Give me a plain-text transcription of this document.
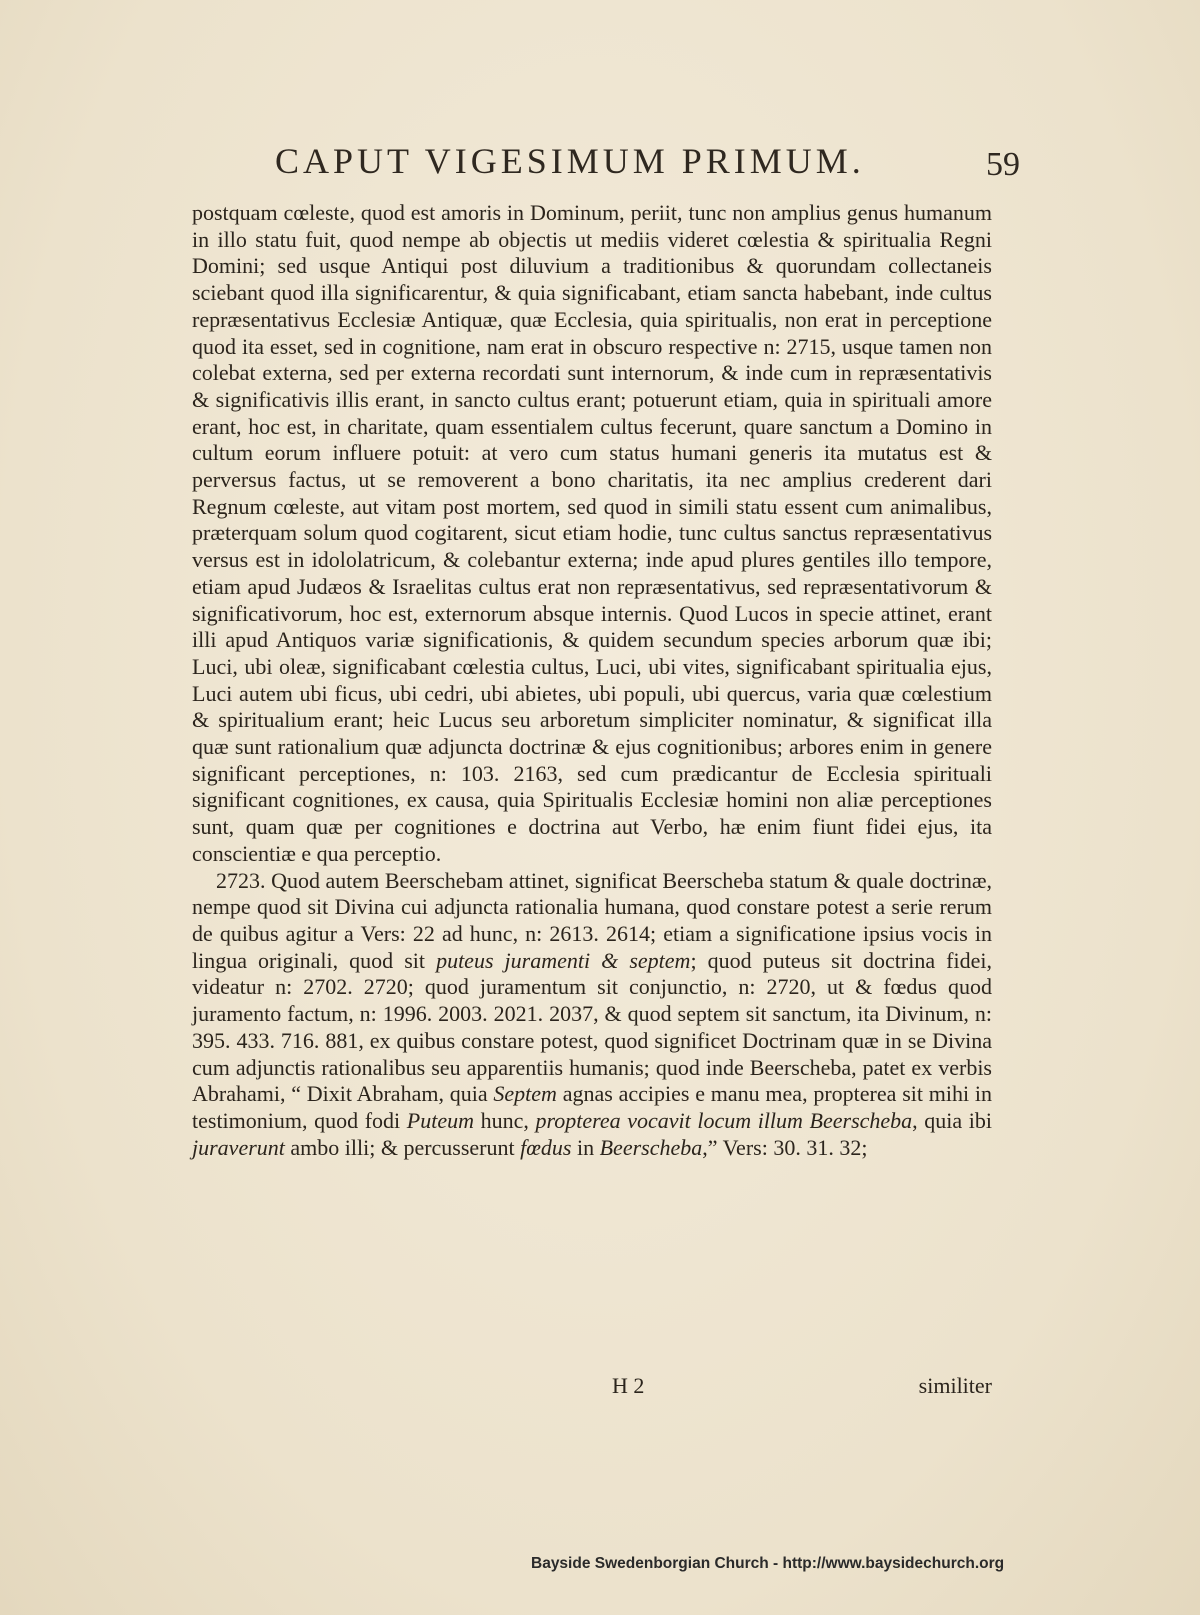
CAPUT VIGESIMUM PRIMUM.	59

postquam cœleste, quod est amoris in Dominum, periit, tunc non amplius genus humanum in illo statu fuit, quod nempe ab objectis ut mediis videret cœlestia & spiritualia Regni Domini; sed usque Antiqui post diluvium a traditionibus & quorundam collectaneis sciebant quod illa significarentur, & quia significabant, etiam sancta habebant, inde cultus repræsentativus Ecclesiæ Antiquæ, quæ Ecclesia, quia spiritualis, non erat in perceptione quod ita esset, sed in cognitione, nam erat in obscuro respective n: 2715, usque tamen non colebat externa, sed per externa recordati sunt internorum, & inde cum in repræsentativis & significativis illis erant, in sancto cultus erant; potuerunt etiam, quia in spirituali amore erant, hoc est, in charitate, quam essentialem cultus fecerunt, quare sanctum a Domino in cultum eorum influere potuit: at vero cum status humani generis ita mutatus est & perversus factus, ut se removerent a bono charitatis, ita nec amplius crederent dari Regnum cœleste, aut vitam post mortem, sed quod in simili statu essent cum animalibus, præterquam solum quod cogitarent, sicut etiam hodie, tunc cultus sanctus repræsentativus versus est in idololatricum, & colebantur externa; inde apud plures gentiles illo tempore, etiam apud Judæos & Israelitas cultus erat non repræsentativus, sed repræsentativorum & significativorum, hoc est, externorum absque internis. Quod Lucos in specie attinet, erant illi apud Antiquos variæ significationis, & quidem secundum species arborum quæ ibi; Luci, ubi oleæ, significabant cœlestia cultus, Luci, ubi vites, significabant spiritualia ejus, Luci autem ubi ficus, ubi cedri, ubi abietes, ubi populi, ubi quercus, varia quæ cœlestium & spiritualium erant; heic Lucus seu arboretum simpliciter nominatur, & significat illa quæ sunt rationalium quæ adjuncta doctrinæ & ejus cognitionibus; arbores enim in genere significant perceptiones, n: 103. 2163, sed cum prædicantur de Ecclesia spirituali significant cognitiones, ex causa, quia Spiritualis Ecclesiæ homini non aliæ perceptiones sunt, quam quæ per cognitiones e doctrina aut Verbo, hæ enim fiunt fidei ejus, ita conscientiæ e qua perceptio.

2723. Quod autem Beerschebam attinet, significat Beerscheba statum & quale doctrinæ, nempe quod sit Divina cui adjuncta rationalia humana, quod constare potest a serie rerum de quibus agitur a Vers: 22 ad hunc, n: 2613. 2614; etiam a significatione ipsius vocis in lingua originali, quod sit puteus juramenti & septem; quod puteus sit doctrina fidei, videatur n: 2702. 2720; quod juramentum sit conjunctio, n: 2720, ut & fœdus quod juramento factum, n: 1996. 2003. 2021. 2037, & quod septem sit sanctum, ita Divinum, n: 395. 433. 716. 881, ex quibus constare potest, quod significet Doctrinam quæ in se Divina cum adjunctis rationalibus seu apparentiis humanis; quod inde Beerscheba, patet ex verbis Abrahami, “ Dixit Abraham, quia Septem agnas accipies e manu mea, propterea sit mihi in testimonium, quod fodi Puteum hunc, propterea vocavit locum illum Beerscheba, quia ibi juraverunt ambo illi; & percusserunt fœdus in Beerscheba,” Vers: 30. 31. 32;

H 2	similiter
Bayside Swedenborgian Church - http://www.baysidechurch.org
